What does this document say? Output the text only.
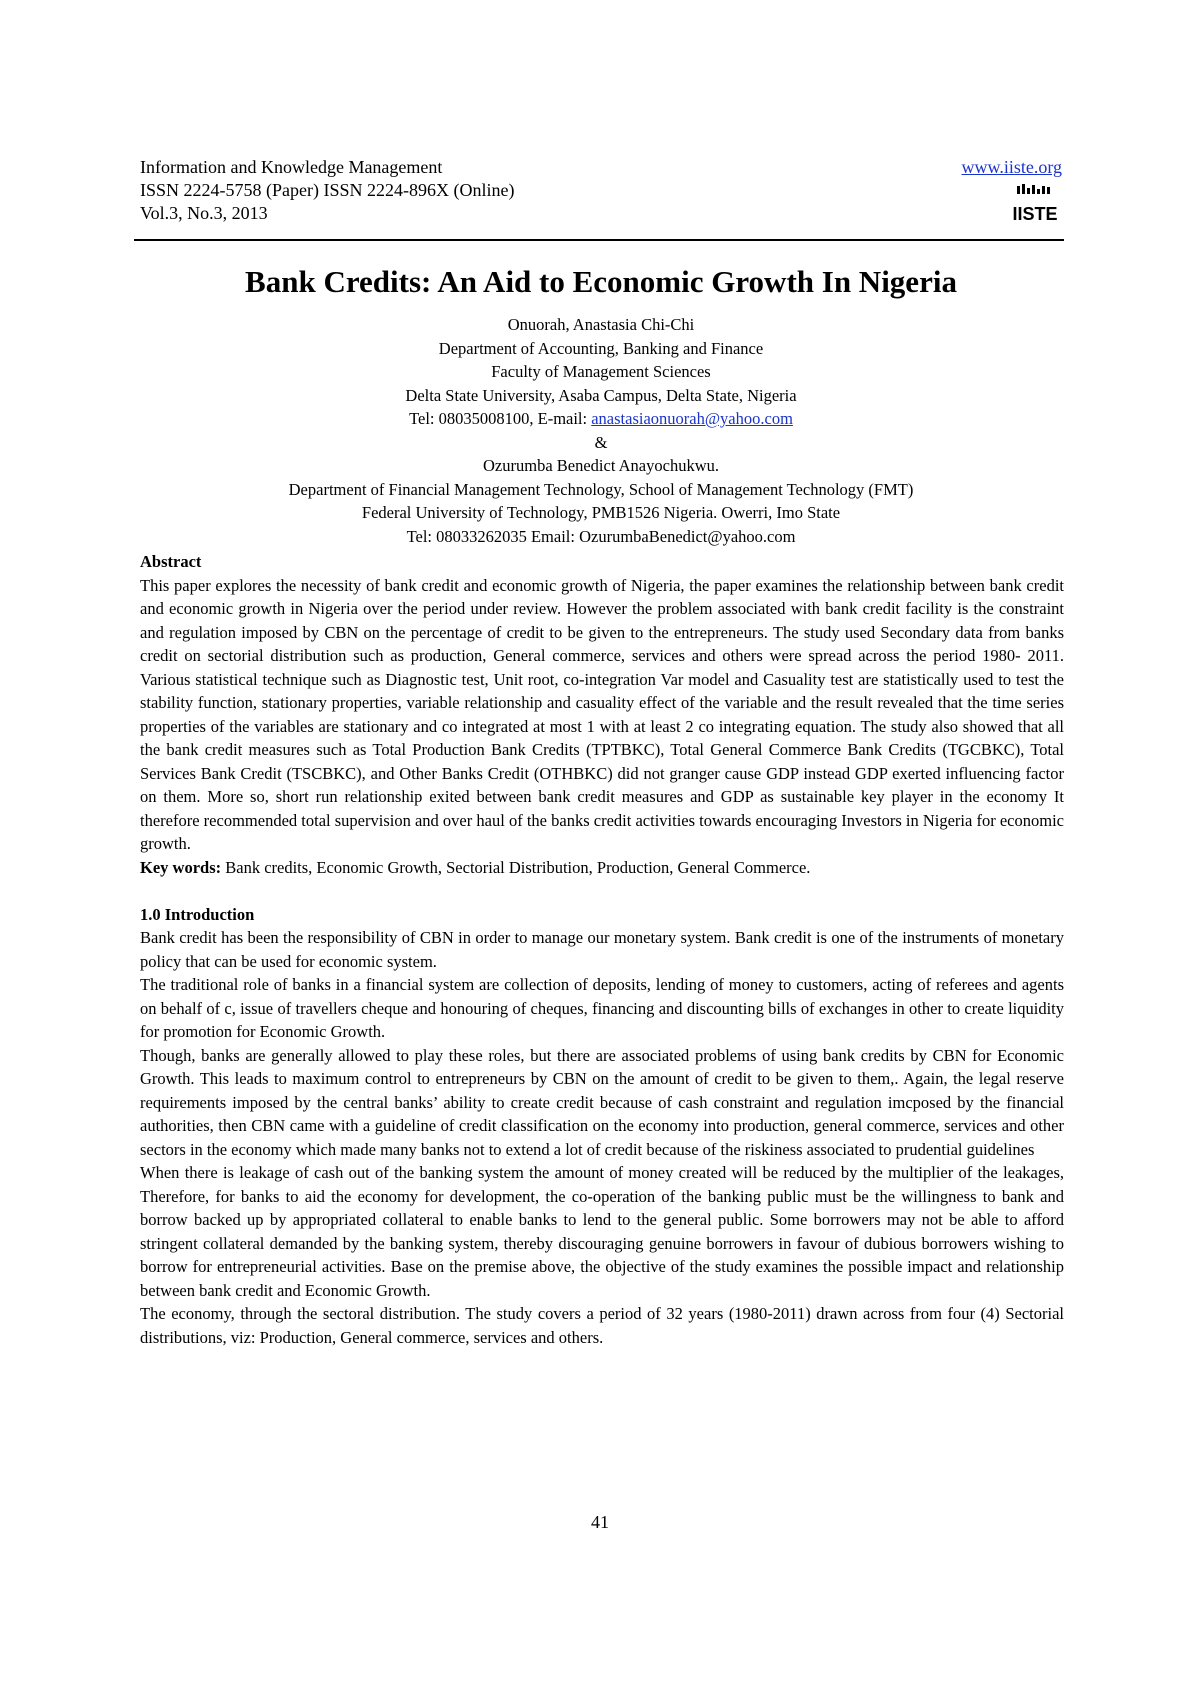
Information and Knowledge Management
ISSN 2224-5758 (Paper) ISSN 2224-896X (Online)
Vol.3, No.3, 2013
www.iiste.org
IISTE
Bank Credits: An Aid to Economic Growth In Nigeria
Onuorah, Anastasia Chi-Chi
Department of Accounting, Banking and Finance
Faculty of Management Sciences
Delta State University, Asaba Campus, Delta State, Nigeria
Tel: 08035008100, E-mail: anastasiaonuorah@yahoo.com
&
Ozurumba Benedict Anayochukwu.
Department of Financial Management Technology, School of Management Technology (FMT)
Federal University of Technology, PMB1526 Nigeria. Owerri, Imo State
Tel: 08033262035 Email: OzurumbaBenedict@yahoo.com

Abstract

This paper explores the necessity of bank credit and economic growth of Nigeria, the paper examines the relationship between bank credit and economic growth in Nigeria over the period under review. However the problem associated with bank credit facility is the constraint and regulation imposed by CBN on the percentage of credit to be given to the entrepreneurs. The study used Secondary data from banks credit on sectorial distribution such as production, General commerce, services and others were spread across the period 1980- 2011. Various statistical technique such as Diagnostic test, Unit root, co-integration Var model and Casuality test are statistically used to test the stability function, stationary properties, variable relationship and casuality effect of the variable and the result revealed that the time series properties of the variables are stationary and co integrated at most 1 with at least 2 co integrating equation. The study also showed that all the bank credit measures such as Total Production Bank Credits (TPTBKC), Total General Commerce Bank Credits (TGCBKC), Total Services Bank Credit (TSCBKC), and Other Banks Credit (OTHBKC) did not granger cause GDP instead GDP exerted influencing factor on them. More so, short run relationship exited between bank credit measures and GDP as sustainable key player in the economy It therefore recommended total supervision and over haul of the banks credit activities towards encouraging Investors in Nigeria for economic growth.

Key words: Bank credits, Economic Growth, Sectorial Distribution, Production, General Commerce.

1.0 Introduction

Bank credit has been the responsibility of CBN in order to manage our monetary system. Bank credit is one of the instruments of monetary policy that can be used for economic system.

The traditional role of banks in a financial system are collection of deposits, lending of money to customers, acting of referees and agents on behalf of c, issue of travellers cheque and honouring of cheques, financing and discounting bills of exchanges in other to create liquidity for promotion for Economic Growth.

Though, banks are generally allowed to play these roles, but there are associated problems of using bank credits by CBN for Economic Growth. This leads to maximum control to entrepreneurs by CBN on the amount of credit to be given to them,. Again, the legal reserve requirements imposed by the central banks’ ability to create credit because of cash constraint and regulation imcposed by the financial authorities, then CBN came with a guideline of credit classification on the economy into production, general commerce, services and other sectors in the economy which made many banks not to extend a lot of credit because of the riskiness associated to prudential guidelines

When there is leakage of cash out of the banking system the amount of money created will be reduced by the multiplier of the leakages, Therefore, for banks to aid the economy for development, the co-operation of the banking public must be the willingness to bank and borrow backed up by appropriated collateral to enable banks to lend to the general public. Some borrowers may not be able to afford stringent collateral demanded by the banking system, thereby discouraging genuine borrowers in favour of dubious borrowers wishing to borrow for entrepreneurial activities. Base on the premise above, the objective of the study examines the possible impact and relationship between bank credit and Economic Growth.

The economy, through the sectoral distribution. The study covers a period of 32 years (1980-2011) drawn across from four (4) Sectorial distributions, viz: Production, General commerce, services and others.

41
